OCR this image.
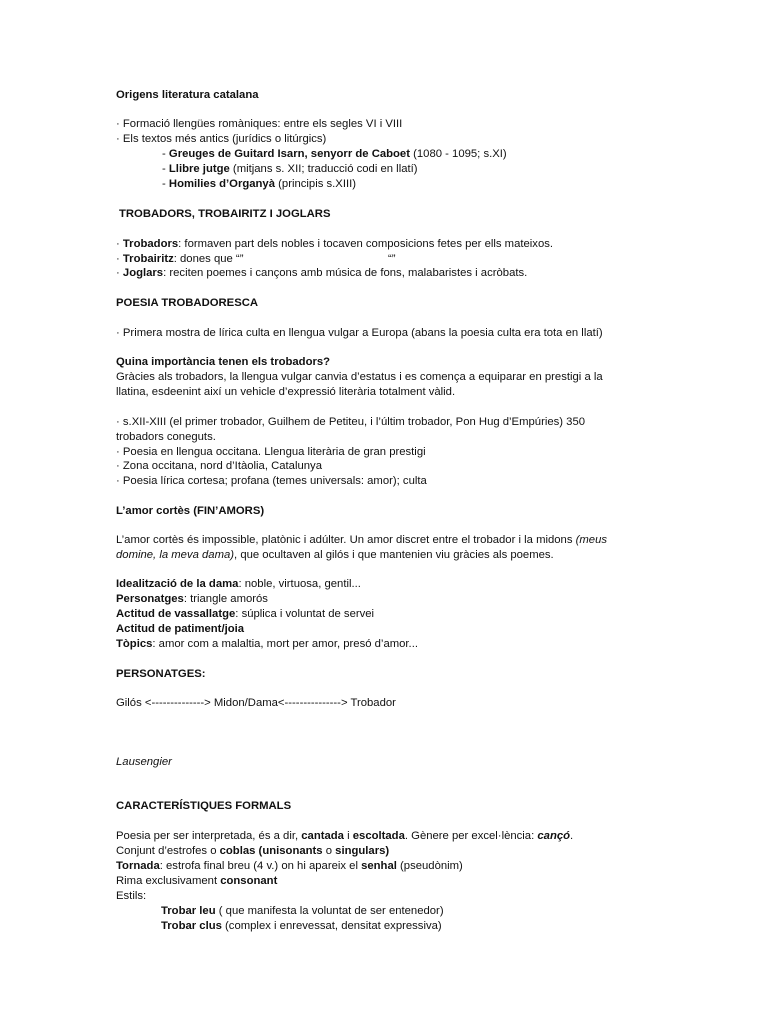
Origens literatura catalana
· Formació llengües romàniques: entre els segles VI i VIII
· Els textos més antics (jurídics o litúrgics)
- Greuges de Guitard Isarn, senyorr de Caboet (1080 - 1095; s.XI)
- Llibre jutge (mitjans s. XII; traducció codi en llatí)
- Homilies d’Organyà (principis s.XIII)
TROBADORS, TROBAIRITZ I JOGLARS
· Trobadors: formaven part dels nobles i tocaven composicions fetes per ells mateixos.
· Trobairitz: dones que “”	“”
· Joglars: reciten poemes i cançons amb música de fons, malabaristes i acròbats.
POESIA TROBADORESCA
· Primera mostra de lírica culta en llengua vulgar a Europa (abans la poesia culta era tota en llatí)
Quina importància tenen els trobadors?
Gràcies als trobadors, la llengua vulgar canvia d’estatus i es comença a equiparar en prestigi a la
llatina, esdeenint així un vehicle d’expressió literària totalment vàlid.
· s.XII-XIII (el primer trobador, Guilhem de Petiteu, i l’últim trobador, Pon Hug d’Empúries) 350
trobadors coneguts.
· Poesia en llengua occitana. Llengua literària de gran prestigi
· Zona occitana, nord d’Itàolia, Catalunya
· Poesia lírica cortesa; profana (temes universals: amor); culta
L’amor cortès (FIN’AMORS)
L’amor cortès és impossible, platònic i adúlter. Un amor discret entre el trobador i la midons (meus
domine, la meva dama), que ocultaven al gilós i que mantenien viu gràcies als poemes.
Idealització de la dama: noble, virtuosa, gentil...
Personatges: triangle amorós
Actitud de vassallatge: súplica i voluntat de servei
Actitud de patiment/joia
Tòpics: amor com a malaltia, mort per amor, presó d’amor...
PERSONATGES:
Gilós <--------------> Midon/Dama<---------------> Trobador
Lausengier
CARACTERÍSTIQUES FORMALS
Poesia per ser interpretada, és a dir, cantada i escoltada. Gènere per excel·lència: cançó.
Conjunt d’estrofes o coblas (unisonants o singulars)
Tornada: estrofa final breu (4 v.) on hi apareix el senhal (pseudònim)
Rima exclusivament consonant
Estils:
Trobar leu ( que manifesta la voluntat de ser entenedor)
Trobar clus (complex i enrevessat, densitat expressiva)
